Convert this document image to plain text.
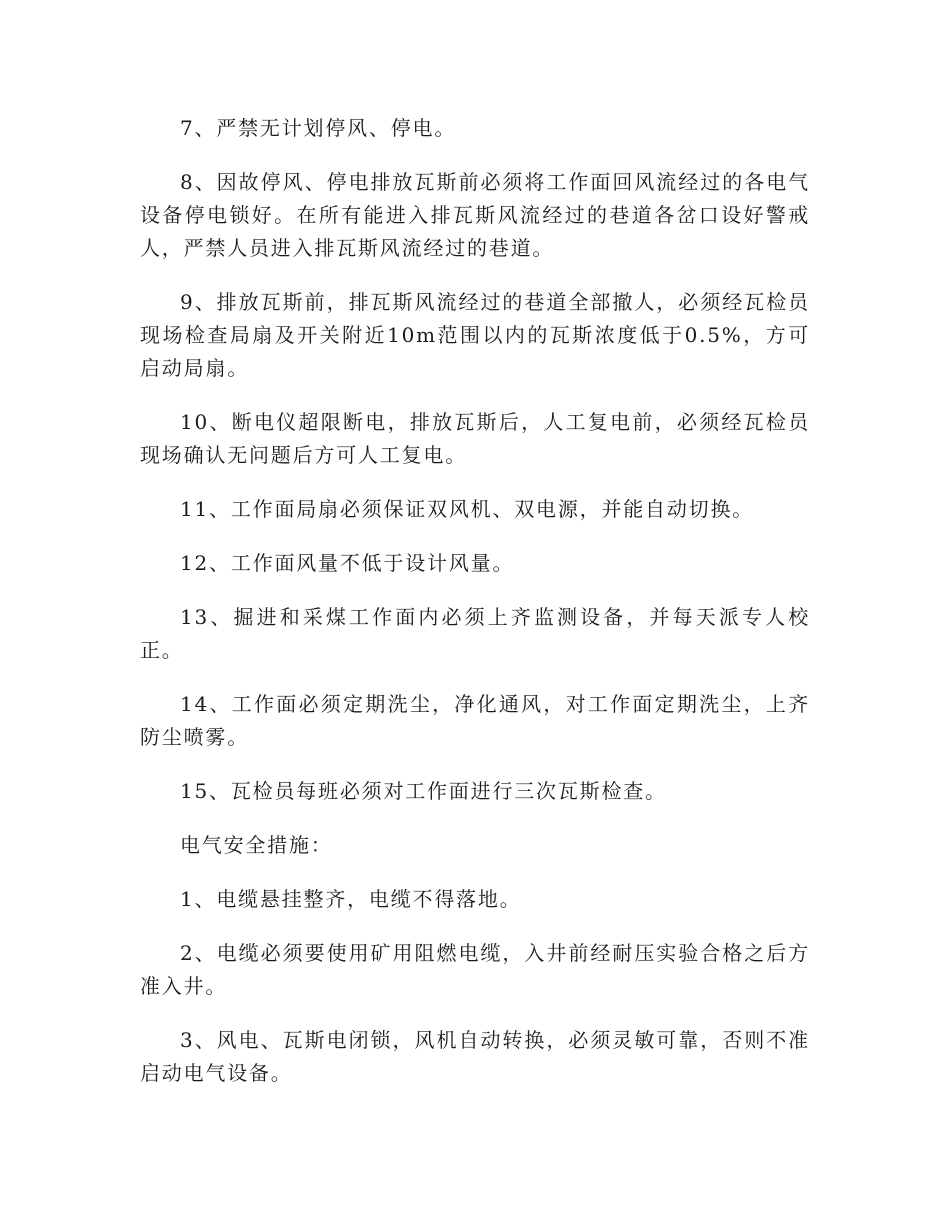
7、严禁无计划停风、停电。

8、因故停风、停电排放瓦斯前必须将工作面回风流经过的各电气设备停电锁好。在所有能进入排瓦斯风流经过的巷道各岔口设好警戒人，严禁人员进入排瓦斯风流经过的巷道。

9、排放瓦斯前，排瓦斯风流经过的巷道全部撤人，必须经瓦检员现场检查局扇及开关附近10m范围以内的瓦斯浓度低于0.5%，方可启动局扇。

10、断电仪超限断电，排放瓦斯后，人工复电前，必须经瓦检员现场确认无问题后方可人工复电。

11、工作面局扇必须保证双风机、双电源，并能自动切换。

12、工作面风量不低于设计风量。

13、掘进和采煤工作面内必须上齐监测设备，并每天派专人校正。

14、工作面必须定期洗尘，净化通风，对工作面定期洗尘，上齐防尘喷雾。

15、瓦检员每班必须对工作面进行三次瓦斯检查。

电气安全措施：

1、电缆悬挂整齐，电缆不得落地。

2、电缆必须要使用矿用阻燃电缆，入井前经耐压实验合格之后方准入井。

3、风电、瓦斯电闭锁，风机自动转换，必须灵敏可靠，否则不准启动电气设备。
